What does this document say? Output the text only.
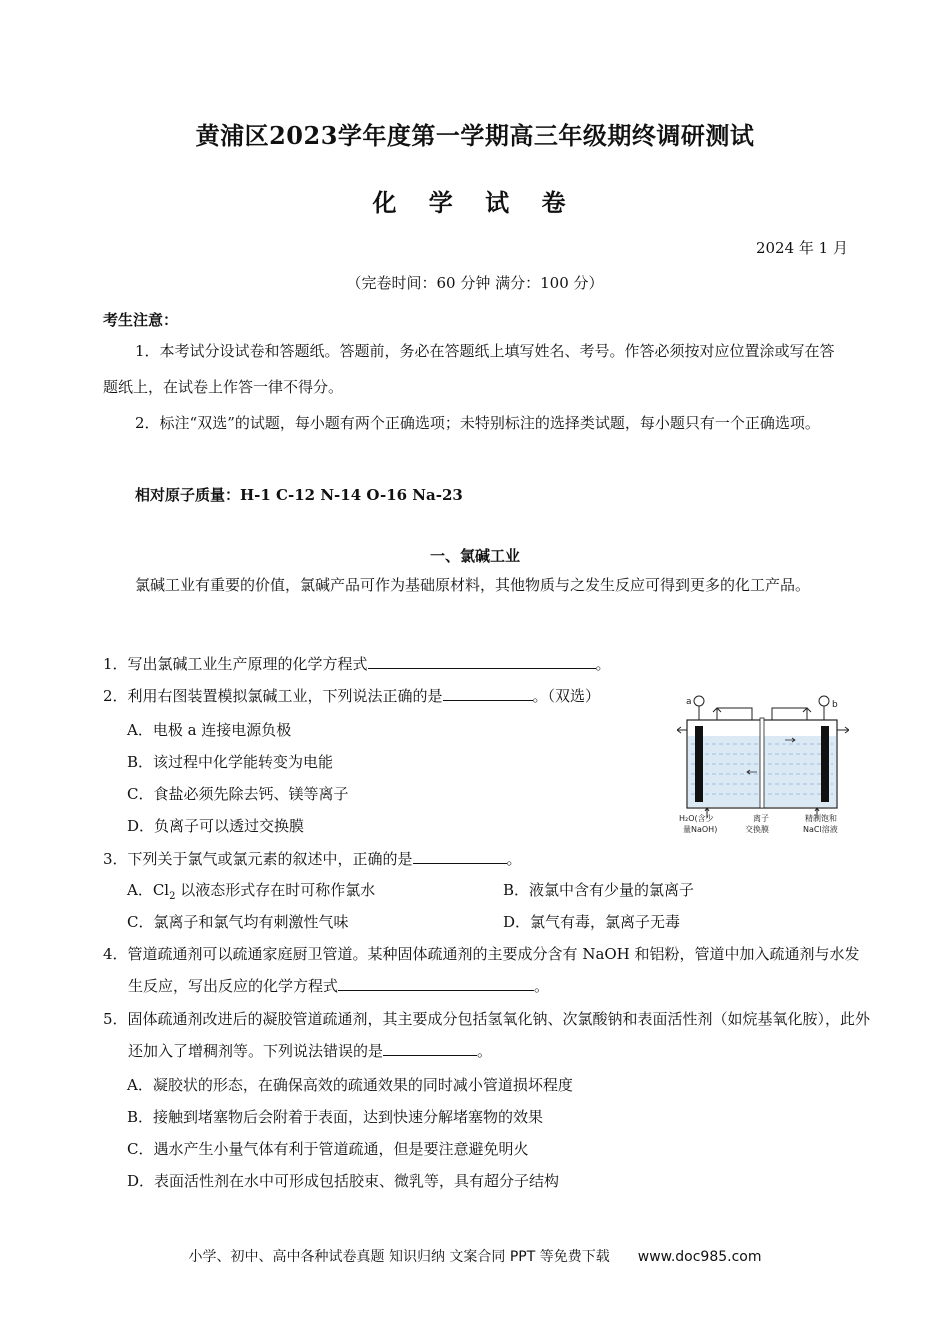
黄浦区2023学年度第一学期高三年级期终调研测试
化 学 试 卷
2024 年 1 月
（完卷时间：60 分钟 满分：100 分）
考生注意：
1．本考试分设试卷和答题纸。答题前，务必在答题纸上填写姓名、考号。作答必须按对应位置涂或写在答题纸上，在试卷上作答一律不得分。
2．标注“双选”的试题，每小题有两个正确选项；未特别标注的选择类试题，每小题只有一个正确选项。
相对原子质量：H-1 C-12 N-14 O-16 Na-23
一、氯碱工业
氯碱工业有重要的价值，氯碱产品可作为基础原材料，其他物质与之发生反应可得到更多的化工产品。
1．写出氯碱工业生产原理的化学方程式	。
2．利用右图装置模拟氯碱工业，下列说法正确的是	。（双选）
A．电极 a 连接电源负极
B．该过程中化学能转变为电能
C．食盐必须先除去钙、镁等离子
D．负离子可以透过交换膜
a	b
H₂O(含少
量NaOH)
离子
交换膜
精制饱和
NaCl溶液
3．下列关于氯气或氯元素的叙述中，正确的是	。
A．$Cl_2$ 以液态形式存在时可称作氯水	B．液氯中含有少量的氯离子
C．氯离子和氯气均有刺激性气味	D．氯气有毒，氯离子无毒
4．管道疏通剂可以疏通家庭厨卫管道。某种固体疏通剂的主要成分含有 NaOH 和铝粉，管道中加入疏通剂与水发生反应，写出反应的化学方程式	。
5．固体疏通剂改进后的凝胶管道疏通剂，其主要成分包括氢氧化钠、次氯酸钠和表面活性剂（如烷基氧化胺），此外还加入了增稠剂等。下列说法错误的是	。
A．凝胶状的形态，在确保高效的疏通效果的同时减小管道损坏程度
B．接触到堵塞物后会附着于表面，达到快速分解堵塞物的效果
C．遇水产生小量气体有利于管道疏通，但是要注意避免明火
D．表面活性剂在水中可形成包括胶束、微乳等，具有超分子结构
小学、初中、高中各种试卷真题 知识归纳 文案合同 PPT 等免费下载 www.doc985.com
